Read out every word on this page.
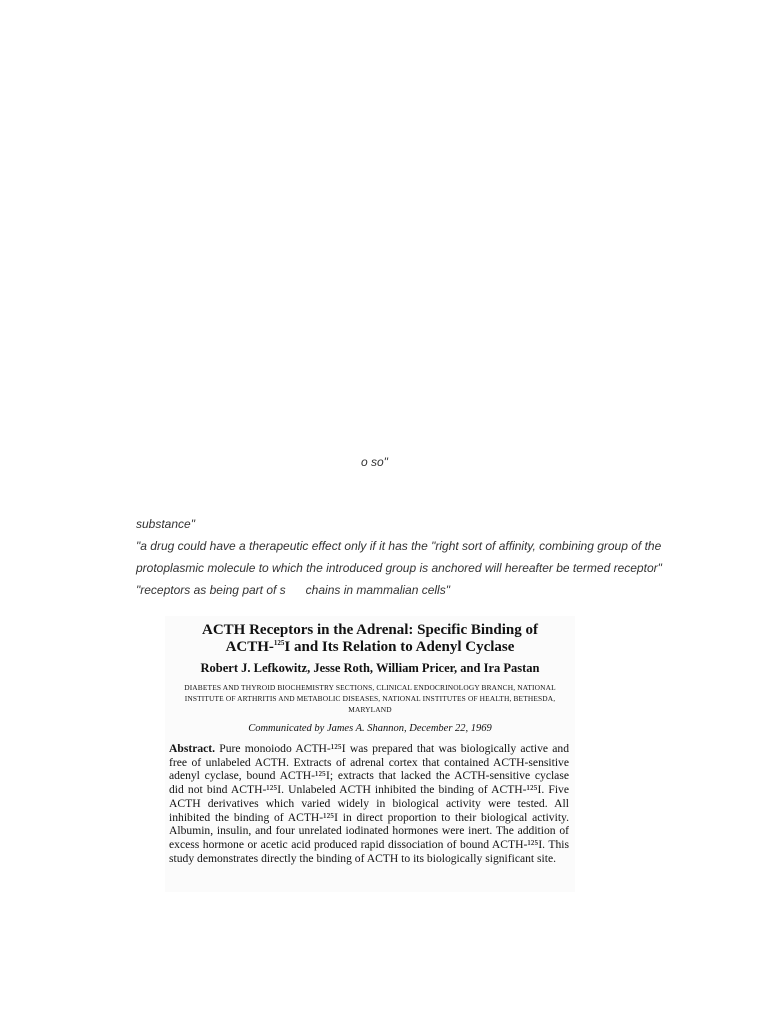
o so"
substance"
"a drug could have a therapeutic effect only if it has the "right sort of affinity, combining group of the
protoplasmic molecule to which the introduced group is anchored will hereafter be termed receptor"
"receptors as being part of s      chains in mammalian cells"
ACTH Receptors in the Adrenal: Specific Binding of
ACTH-$^{125}$I and Its Relation to Adenyl Cyclase
Robert J. Lefkowitz, Jesse Roth, William Pricer, and Ira Pastan
DIABETES AND THYROID BIOCHEMISTRY SECTIONS, CLINICAL ENDOCRINOLOGY BRANCH, NATIONAL INSTITUTE OF ARTHRITIS AND METABOLIC DISEASES, NATIONAL INSTITUTES OF HEALTH, BETHESDA, MARYLAND
Communicated by James A. Shannon, December 22, 1969
Abstract. Pure monoiodo ACTH-¹²⁵I was prepared that was biologically active and free of unlabeled ACTH. Extracts of adrenal cortex that contained ACTH-sensitive adenyl cyclase, bound ACTH-¹²⁵I; extracts that lacked the ACTH-sensitive cyclase did not bind ACTH-¹²⁵I. Unlabeled ACTH inhibited the binding of ACTH-¹²⁵I. Five ACTH derivatives which varied widely in biological activity were tested. All inhibited the binding of ACTH-¹²⁵I in direct proportion to their biological activity. Albumin, insulin, and four unrelated iodinated hormones were inert. The addition of excess hormone or acetic acid produced rapid dissociation of bound ACTH-¹²⁵I. This study demonstrates directly the binding of ACTH to its biologically significant site.
